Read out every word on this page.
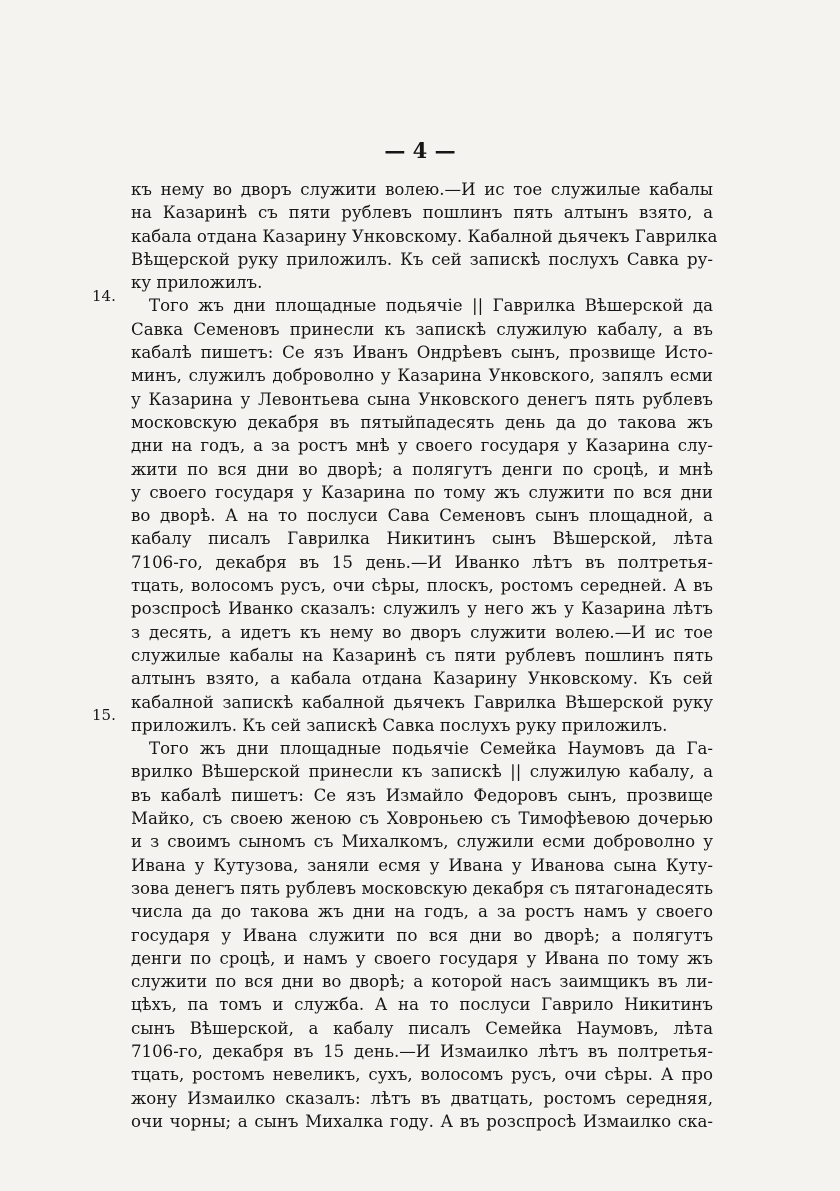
— 4 —
14.
15.
къ нему во дворъ служити волею.—И ис тое служилые кабалы
на Казаринѣ съ пяти рублевъ пошлинъ пять алтынъ взято, а
кабала отдана Казарину Унковскому. Кабалной дьячекъ Гаврилка
Вѣщерской руку приложилъ. Къ сей запискѣ послухъ Савка ру-
ку приложилъ.
Того жъ дни площадные подьячіе || Гаврилка Вѣшерской да
Савка Семеновъ принесли къ запискѣ служилую кабалу, а въ
кабалѣ пишетъ: Се язъ Иванъ Ондрѣевъ сынъ, прозвище Исто-
минъ, служилъ доброволно у Казарина Унковского, запялъ есми
у Казарина у Левонтьева сына Унковского денегъ пять рублевъ
московскую декабря въ пятыйпадесять день да до такова жъ
дни на годъ, а за ростъ мнѣ у своего государя у Казарина слу-
жити по вся дни во дворѣ; а полягутъ денги по сроцѣ, и мнѣ
у своего государя у Казарина по тому жъ служити по вся дни
во дворѣ. А на то послуси Сава Семеновъ сынъ площадной, а
кабалу писалъ Гаврилка Никитинъ сынъ Вѣшерской, лѣта
7106-го, декабря въ 15 день.—И Иванко лѣтъ въ полтретья-
тцать, волосомъ русъ, очи сѣры, плоскъ, ростомъ середней. А въ
розспросѣ Иванко сказалъ: служилъ у него жъ у Казарина лѣтъ
з десять, а идетъ къ нему во дворъ служити волею.—И ис тое
служилые кабалы на Казаринѣ съ пяти рублевъ пошлинъ пять
алтынъ взято, а кабала отдана Казарину Унковскому. Къ сей
кабалной запискѣ кабалной дьячекъ Гаврилка Вѣшерской руку
приложилъ. Къ сей запискѣ Савка послухъ руку приложилъ.
Того жъ дни площадные подьячіе Семейка Наумовъ да Га-
врилко Вѣшерской принесли къ запискѣ || служилую кабалу, а
въ кабалѣ пишетъ: Се язъ Измайло Федоровъ сынъ, прозвище
Майко, съ своею женою съ Ховроньею съ Тимофѣевою дочерью
и з своимъ сыномъ съ Михалкомъ, служили есми доброволно у
Ивана у Кутузова, заняли есмя у Ивана у Иванова сына Куту-
зова денегъ пять рублевъ московскую декабря съ пятагонадесять
числа да до такова жъ дни на годъ, а за ростъ намъ у своего
государя у Ивана служити по вся дни во дворѣ; а полягутъ
денги по сроцѣ, и намъ у своего государя у Ивана по тому жъ
служити по вся дни во дворѣ; а которой насъ заимщикъ въ ли-
цѣхъ, па томъ и служба. А на то послуси Гаврило Никитинъ
сынъ Вѣшерской, а кабалу писалъ Семейка Наумовъ, лѣта
7106-го, декабря въ 15 день.—И Измаилко лѣтъ въ полтретья-
тцать, ростомъ невеликъ, сухъ, волосомъ русъ, очи сѣры. А про
жону Измаилко сказалъ: лѣтъ въ дватцать, ростомъ середняя,
очи чорны; а сынъ Михалка году. А въ розспросѣ Измаилко ска-
